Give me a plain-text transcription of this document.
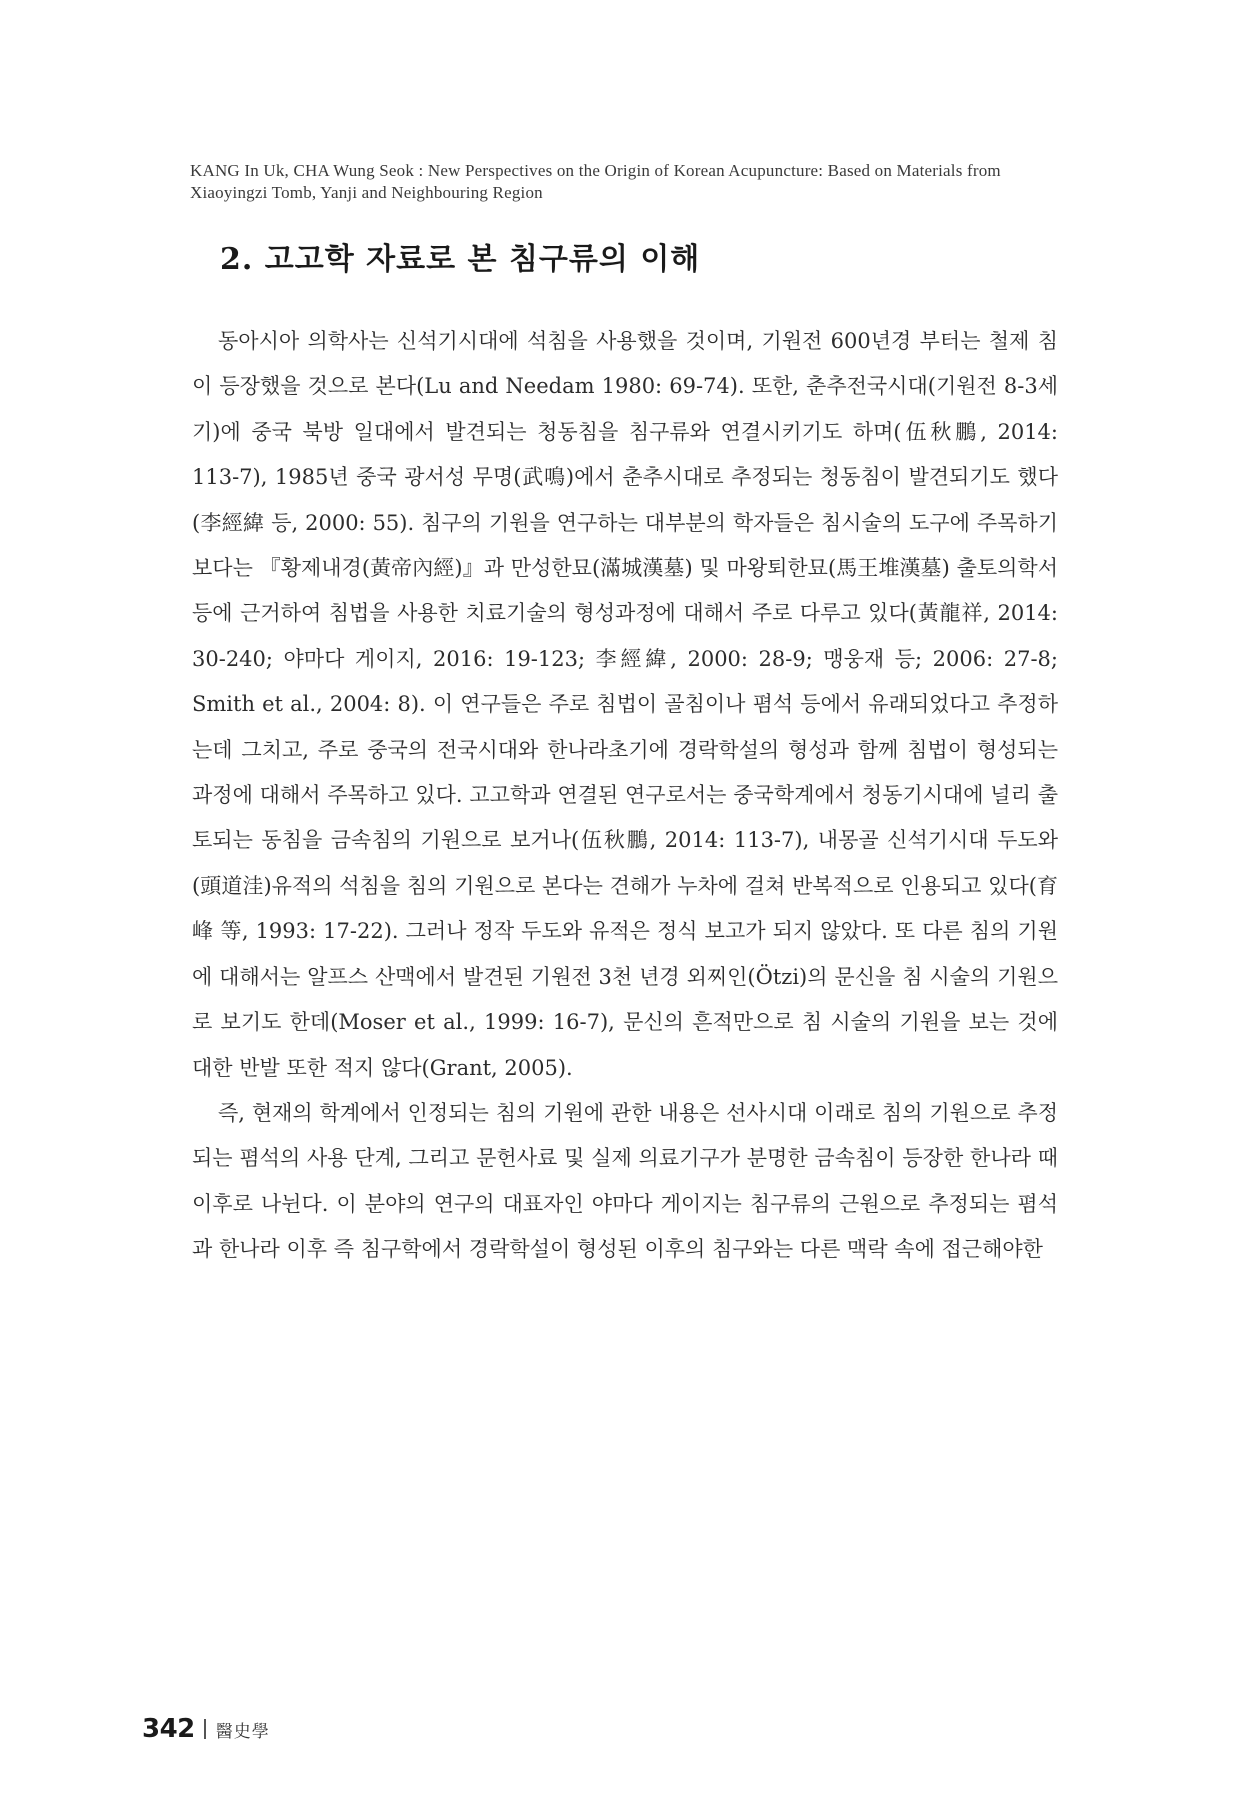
KANG In Uk, CHA Wung Seok : New Perspectives on the Origin of Korean Acupuncture: Based on Materials from Xiaoyingzi Tomb, Yanji and Neighbouring Region
2. 고고학 자료로 본 침구류의 이해

동아시아 의학사는 신석기시대에 석침을 사용했을 것이며, 기원전 600년경 부터는 철제 침이 등장했을 것으로 본다(Lu and Needam 1980: 69-74). 또한, 춘추전국시대(기원전 8-3세기)에 중국 북방 일대에서 발견되는 청동침을 침구류와 연결시키기도 하며(伍秋鵬, 2014: 113-7), 1985년 중국 광서성 무명(武鳴)에서 춘추시대로 추정되는 청동침이 발견되기도 했다(李經緯 등, 2000: 55). 침구의 기원을 연구하는 대부분의 학자들은 침시술의 도구에 주목하기보다는 『황제내경(黃帝內經)』과 만성한묘(滿城漢墓) 및 마왕퇴한묘(馬王堆漢墓) 출토의학서 등에 근거하여 침법을 사용한 치료기술의 형성과정에 대해서 주로 다루고 있다(黃龍祥, 2014: 30-240; 야마다 게이지, 2016: 19-123; 李經緯, 2000: 28-9; 맹웅재 등; 2006: 27-8; Smith et al., 2004: 8). 이 연구들은 주로 침법이 골침이나 폄석 등에서 유래되었다고 추정하는데 그치고, 주로 중국의 전국시대와 한나라초기에 경락학설의 형성과 함께 침법이 형성되는 과정에 대해서 주목하고 있다. 고고학과 연결된 연구로서는 중국학계에서 청동기시대에 널리 출토되는 동침을 금속침의 기원으로 보거나(伍秋鵬, 2014: 113-7), 내몽골 신석기시대 두도와(頭道洼)유적의 석침을 침의 기원으로 본다는 견해가 누차에 걸쳐 반복적으로 인용되고 있다(育峰 等, 1993: 17-22). 그러나 정작 두도와 유적은 정식 보고가 되지 않았다. 또 다른 침의 기원에 대해서는 알프스 산맥에서 발견된 기원전 3천 년경 외찌인(Ötzi)의 문신을 침 시술의 기원으로 보기도 한데(Moser et al., 1999: 16-7), 문신의 흔적만으로 침 시술의 기원을 보는 것에 대한 반발 또한 적지 않다(Grant, 2005).

즉, 현재의 학계에서 인정되는 침의 기원에 관한 내용은 선사시대 이래로 침의 기원으로 추정되는 폄석의 사용 단계, 그리고 문헌사료 및 실제 의료기구가 분명한 금속침이 등장한 한나라 때 이후로 나뉜다. 이 분야의 연구의 대표자인 야마다 게이지는 침구류의 근원으로 추정되는 폄석과 한나라 이후 즉 침구학에서 경락학설이 형성된 이후의 침구와는 다른 맥락 속에 접근해야한

342 醫史學
